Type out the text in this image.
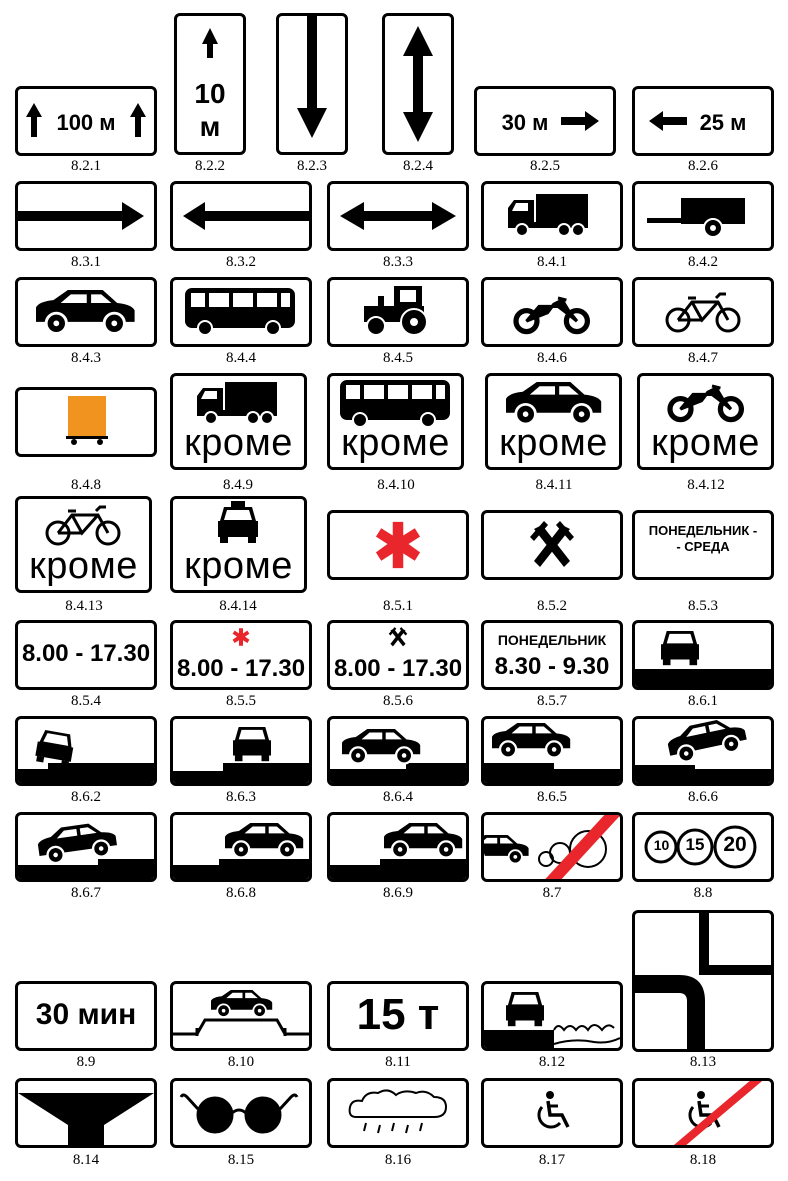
100 м
8.2.1
10
м
8.2.2	8.2.3	8.2.4
30 м
8.2.5
25 м
8.2.6
8.3.1	8.3.2	8.3.3	8.4.1	8.4.2
8.4.3	8.4.4	8.4.5	8.4.6	8.4.7
8.4.8
кроме
8.4.9
кроме
8.4.10
кроме
8.4.11
кроме
8.4.12
кроме
8.4.13
кроме
8.4.14	8.5.1	8.5.2
ПОНЕДЕЛЬНИК -
- СРЕДА
8.5.3
8.00 - 17.30
8.5.4
8.00 - 17.30
8.5.5
8.00 - 17.30
8.5.6
ПОНЕДЕЛЬНИК
8.30 - 9.30
8.5.7	8.6.1
8.6.2	8.6.3	8.6.4	8.6.5	8.6.6
8.6.7	8.6.8	8.6.9	8.7
10 15 20
8.8
30 мин
8.9	8.10
15 т
8.11	8.12	8.13
8.14	8.15	8.16	8.17	8.18
